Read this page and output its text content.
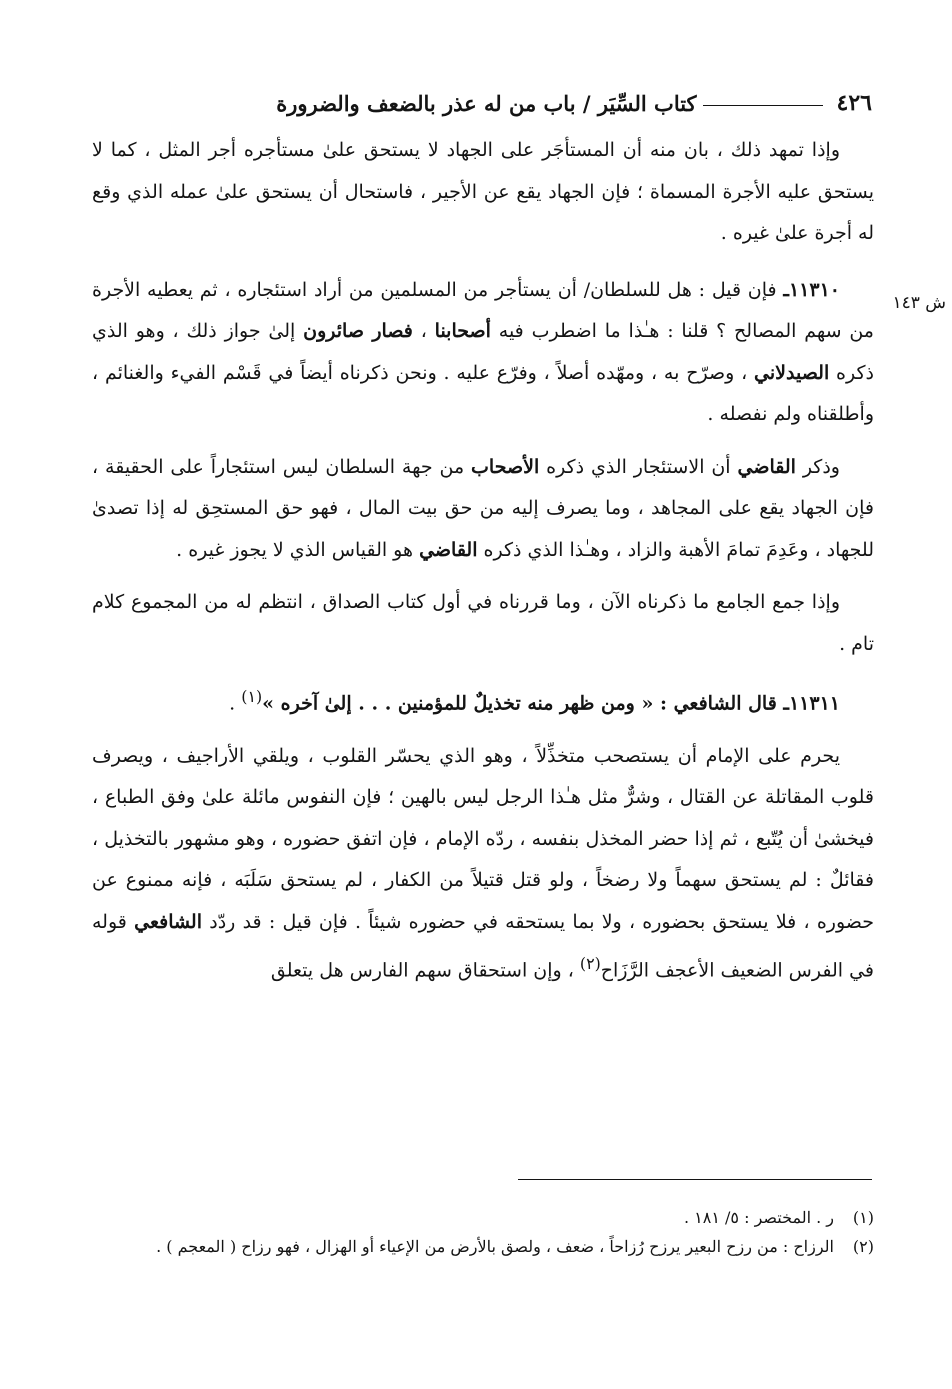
٤٢٦
كتاب السِّيَر / باب من له عذر بالضعف والضرورة
ش ١٤٣

وإذا تمهد ذلك ، بان منه أن المستأجَر على الجهاد لا يستحق علىٰ مستأجره أجر المثل ، كما لا يستحق عليه الأجرة المسماة ؛ فإن الجهاد يقع عن الأجير ، فاستحال أن يستحق علىٰ عمله الذي وقع له أجرة علىٰ غيره .

١١٣١٠ـ فإن قيل : هل للسلطان/ أن يستأجر من المسلمين من أراد استئجاره ، ثم يعطيه الأجرة من سهم المصالح ؟ قلنا : هـٰذا ما اضطرب فيه أصحابنا ، فصار صائرون إلىٰ جواز ذلك ، وهو الذي ذكره الصيدلاني ، وصرّح به ، ومهّده أصلاً ، وفرّع عليه . ونحن ذكرناه أيضاً في قَسْم الفيء والغنائم ، وأطلقناه ولم نفصله .

وذكر القاضي أن الاستئجار الذي ذكره الأصحاب من جهة السلطان ليس استئجاراً على الحقيقة ، فإن الجهاد يقع على المجاهد ، وما يصرف إليه من حق بيت المال ، فهو حق المستحِق له إذا تصدىٰ للجهاد ، وعَدِمَ تمامَ الأهبة والزاد ، وهـٰذا الذي ذكره القاضي هو القياس الذي لا يجوز غيره .

وإذا جمع الجامع ما ذكرناه الآن ، وما قررناه في أول كتاب الصداق ، انتظم له من المجموع كلام تام .

١١٣١١ـ قال الشافعي : « ومن ظهر منه تخذيلٌ للمؤمنين . . . إلىٰ آخره »$^{(١)}$ .

يحرم على الإمام أن يستصحب متخذِّلاً ، وهو الذي يحسّر القلوب ، ويلقي الأراجيف ، ويصرف قلوب المقاتلة عن القتال ، وشرٌّ مثل هـٰذا الرجل ليس بالهين ؛ فإن النفوس مائلة علىٰ وفق الطباع ، فيخشىٰ أن يُتّبع ، ثم إذا حضر المخذل بنفسه ، ردّه الإمام ، فإن اتفق حضوره ، وهو مشهور بالتخذيل ، فقائلٌ : لم يستحق سهماً ولا رضخاً ، ولو قتل قتيلاً من الكفار ، لم يستحق سَلَبَه ، فإنه ممنوع عن حضوره ، فلا يستحق بحضوره ، ولا بما يستحقه في حضوره شيئاً . فإن قيل : قد ردّد الشافعي قوله في الفرس الضعيف الأعجف الرَّزَاح$^{(٢)}$ ، وإن استحقاق سهم الفارس هل يتعلق

(١)
ر . المختصر : ٥/ ١٨١ .
(٢)
الرزاح : من رزح البعير يرزح رُزاحاً ، ضعف ، ولصق بالأرض من الإعياء أو الهزال ، فهو رزاح ( المعجم ) .
